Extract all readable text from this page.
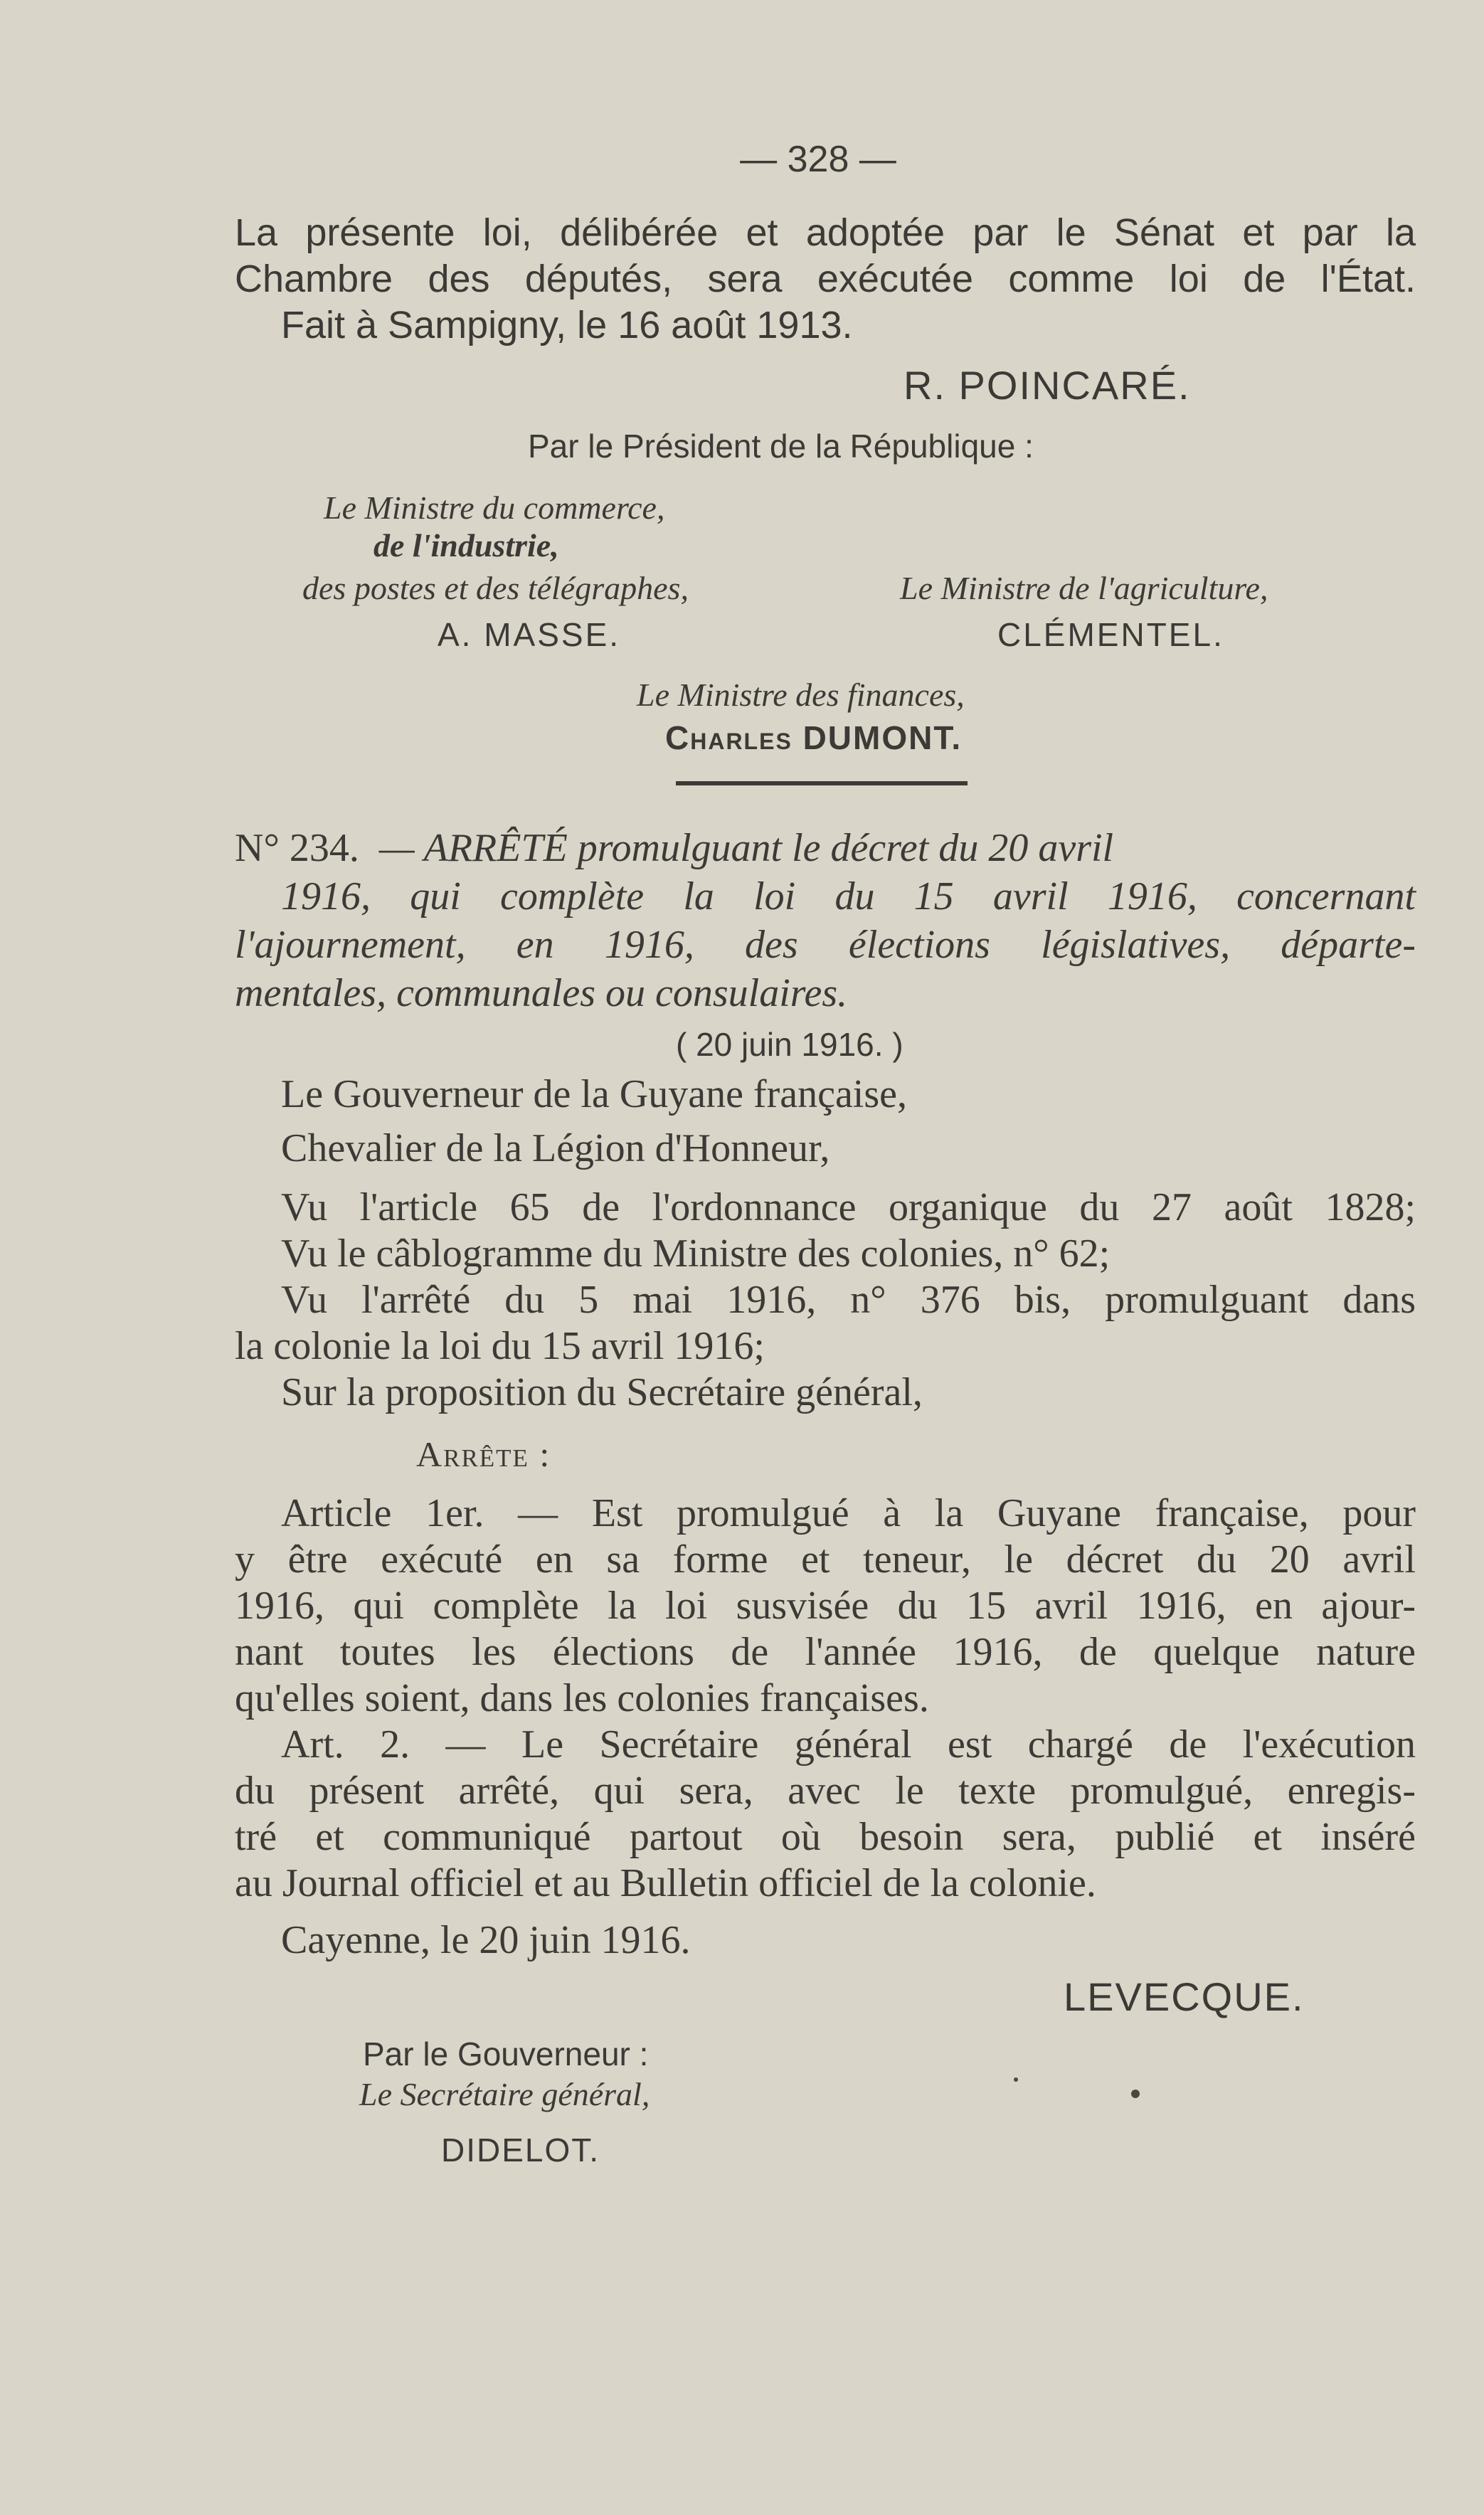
— 328 —
La présente loi, délibérée et adoptée par le Sénat et par la
Chambre des députés, sera exécutée comme loi de l'État.
Fait à Sampigny, le 16 août 1913.
R. POINCARÉ.
Par le Président de la République :
Le Ministre du commerce,
de l'industrie,
des postes et des télégraphes,
A. MASSE.
Le Ministre de l'agriculture,
CLÉMENTEL.
Le Ministre des finances,
Charles DUMONT.
N° 234. — ARRÊTÉ promulguant le décret du 20 avril
1916, qui complète la loi du 15 avril 1916, concernant
l'ajournement, en 1916, des élections législatives, départe-
mentales, communales ou consulaires.
( 20 juin 1916. )
Le Gouverneur de la Guyane française,
Chevalier de la Légion d'Honneur,
Vu l'article 65 de l'ordonnance organique du 27 août 1828;
Vu le câblogramme du Ministre des colonies, n° 62;
Vu l'arrêté du 5 mai 1916, n° 376 bis, promulguant dans
la colonie la loi du 15 avril 1916;
Sur la proposition du Secrétaire général,
Arrête :
Article 1er. — Est promulgué à la Guyane française, pour
y être exécuté en sa forme et teneur, le décret du 20 avril
1916, qui complète la loi susvisée du 15 avril 1916, en ajour-
nant toutes les élections de l'année 1916, de quelque nature
qu'elles soient, dans les colonies françaises.
Art. 2. — Le Secrétaire général est chargé de l'exécution
du présent arrêté, qui sera, avec le texte promulgué, enregis-
tré et communiqué partout où besoin sera, publié et inséré
au Journal officiel et au Bulletin officiel de la colonie.
Cayenne, le 20 juin 1916.
LEVECQUE.
Par le Gouverneur :
Le Secrétaire général,
DIDELOT.
